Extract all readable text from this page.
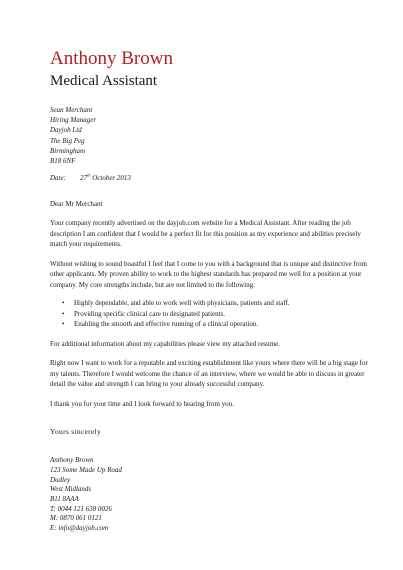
Anthony Brown
Medical Assistant
Sean Merchant
Hiring Manager
Dayjob Ltd
The Big Peg
Birmingham
B18 6NF
Date: 27th October 2013
Dear Mr Merchant
Your company recently advertised on the dayjob.com website for a Medical Assistant. After reading the job description I am confident that I would be a perfect fit for this position as my experience and abilities precisely match your requirements.
Without wishing to sound boastful I feel that I come to you with a background that is unique and distinctive from other applicants. My proven ability to work to the highest standards has prepared me well for a position at your company. My core strengths include, but are not limited to the following:
• Highly dependable, and able to work well with physicians, patients and staff.
• Providing specific clinical care to designated patients.
• Enabling the smooth and effective running of a clinical operation.
For additional information about my capabilities please view my attached resume.
Right now I want to work for a reputable and exciting establishment like yours where there will be a big stage for my talents. Therefore I would welcome the chance of an interview, where we would be able to discuss in greater detail the value and strength I can bring to your already successful company.
I thank you for your time and I look forward to hearing from you.
Yours sincerely
Anthony Brown
123 Some Made Up Road
Dudley
West Midlands
B11 8AAA
T: 0044 121 638 0026
M: 0870 061 0121
E: info@dayjob.com
